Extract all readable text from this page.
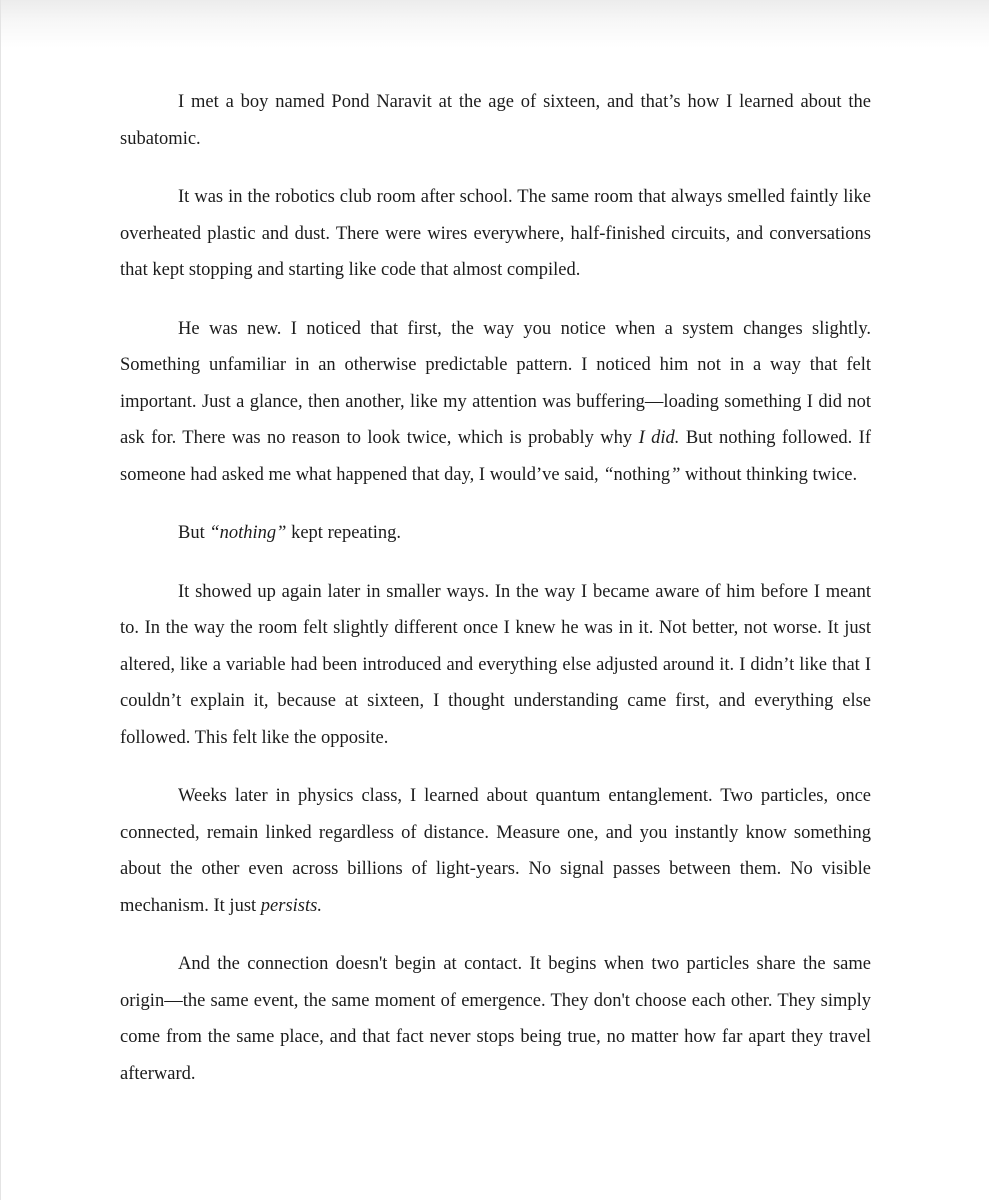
I met a boy named Pond Naravit at the age of sixteen, and that’s how I learned about the subatomic.

It was in the robotics club room after school. The same room that always smelled faintly like overheated plastic and dust. There were wires everywhere, half-finished circuits, and conversations that kept stopping and starting like code that almost compiled.

He was new. I noticed that first, the way you notice when a system changes slightly. Something unfamiliar in an otherwise predictable pattern. I noticed him not in a way that felt important. Just a glance, then another, like my attention was buffering—loading something I did not ask for. There was no reason to look twice, which is probably why I did. But nothing followed. If someone had asked me what happened that day, I would’ve said, “nothing” without thinking twice.

But “nothing” kept repeating.

It showed up again later in smaller ways. In the way I became aware of him before I meant to. In the way the room felt slightly different once I knew he was in it. Not better, not worse. It just altered, like a variable had been introduced and everything else adjusted around it. I didn’t like that I couldn’t explain it, because at sixteen, I thought understanding came first, and everything else followed. This felt like the opposite.

Weeks later in physics class, I learned about quantum entanglement. Two particles, once connected, remain linked regardless of distance. Measure one, and you instantly know something about the other even across billions of light-years. No signal passes between them. No visible mechanism. It just persists.

And the connection doesn't begin at contact. It begins when two particles share the same origin—the same event, the same moment of emergence. They don't choose each other. They simply come from the same place, and that fact never stops being true, no matter how far apart they travel afterward.
